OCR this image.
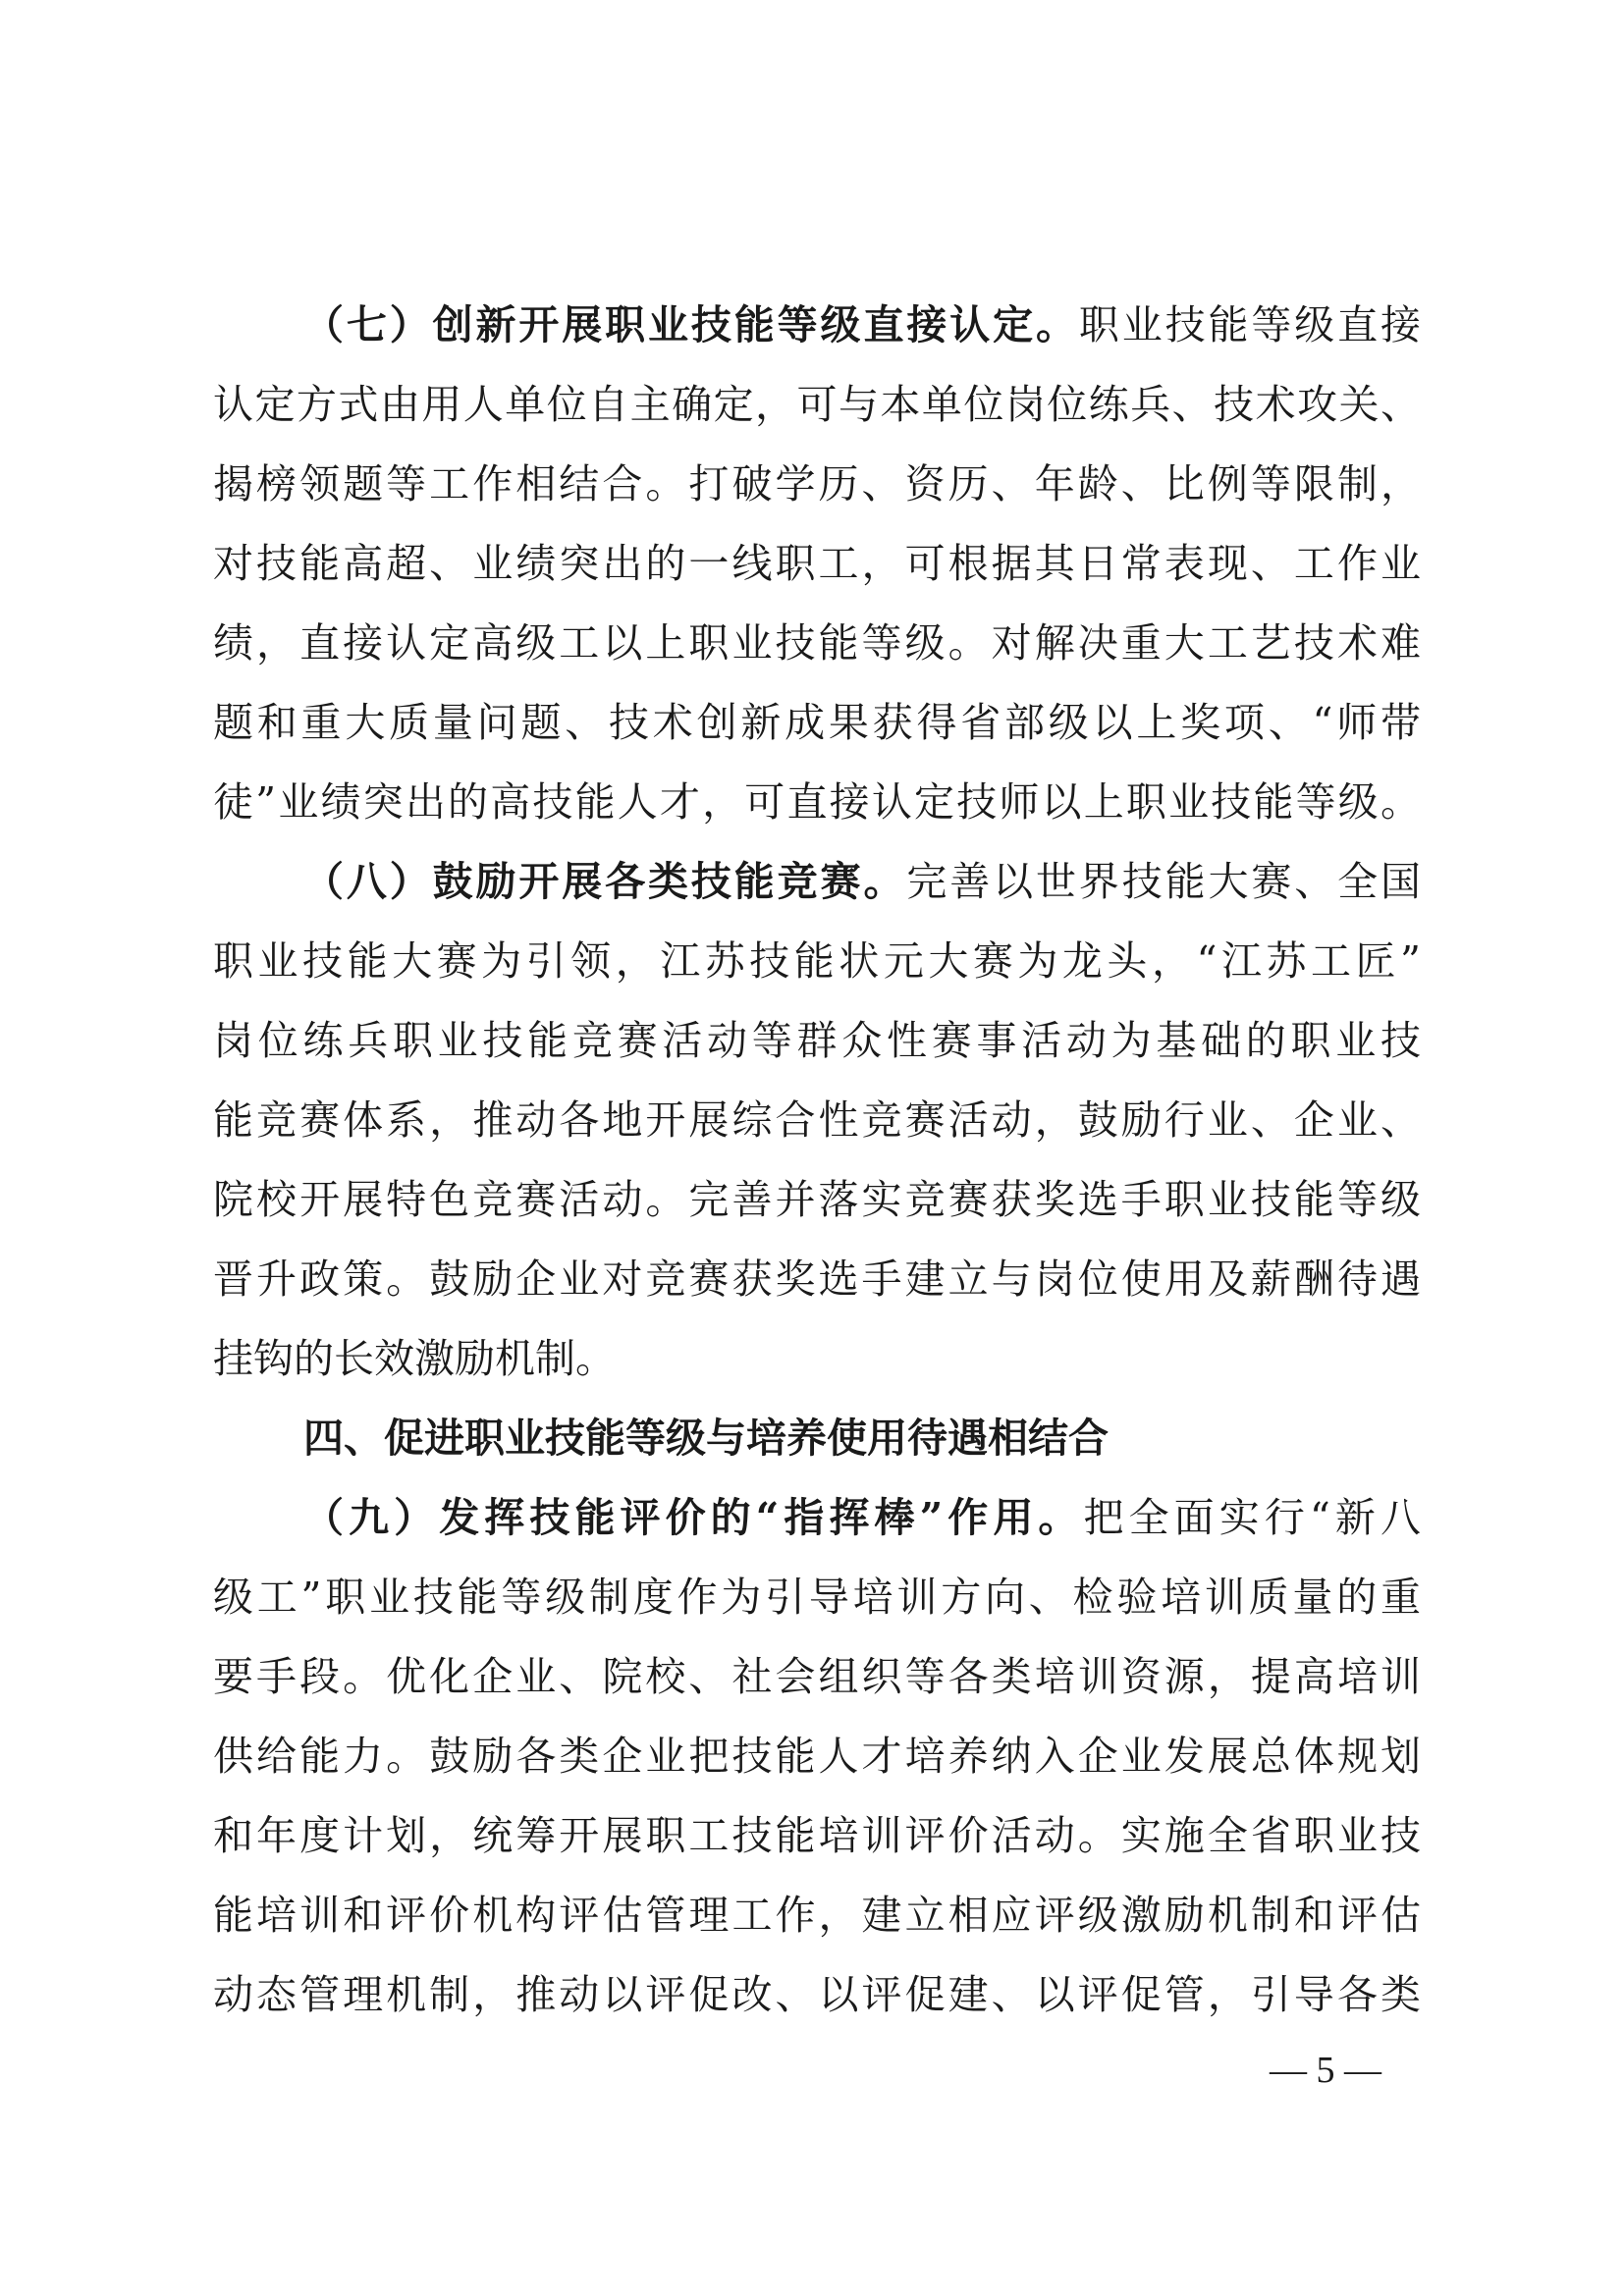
（七）创新开展职业技能等级直接认定。职业技能等级直接
认定方式由用人单位自主确定，可与本单位岗位练兵、技术攻关、
揭榜领题等工作相结合。打破学历、资历、年龄、比例等限制，
对技能高超、业绩突出的一线职工，可根据其日常表现、工作业
绩，直接认定高级工以上职业技能等级。对解决重大工艺技术难
题和重大质量问题、技术创新成果获得省部级以上奖项、“师带
徒”业绩突出的高技能人才，可直接认定技师以上职业技能等级。
（八）鼓励开展各类技能竞赛。完善以世界技能大赛、全国
职业技能大赛为引领，江苏技能状元大赛为龙头，“江苏工匠”
岗位练兵职业技能竞赛活动等群众性赛事活动为基础的职业技
能竞赛体系，推动各地开展综合性竞赛活动，鼓励行业、企业、
院校开展特色竞赛活动。完善并落实竞赛获奖选手职业技能等级
晋升政策。鼓励企业对竞赛获奖选手建立与岗位使用及薪酬待遇
挂钩的长效激励机制。
四、促进职业技能等级与培养使用待遇相结合
（九）发挥技能评价的“指挥棒”作用。把全面实行“新八
级工”职业技能等级制度作为引导培训方向、检验培训质量的重
要手段。优化企业、院校、社会组织等各类培训资源，提高培训
供给能力。鼓励各类企业把技能人才培养纳入企业发展总体规划
和年度计划，统筹开展职工技能培训评价活动。实施全省职业技
能培训和评价机构评估管理工作，建立相应评级激励机制和评估
动态管理机制，推动以评促改、以评促建、以评促管，引导各类
— 5 —
